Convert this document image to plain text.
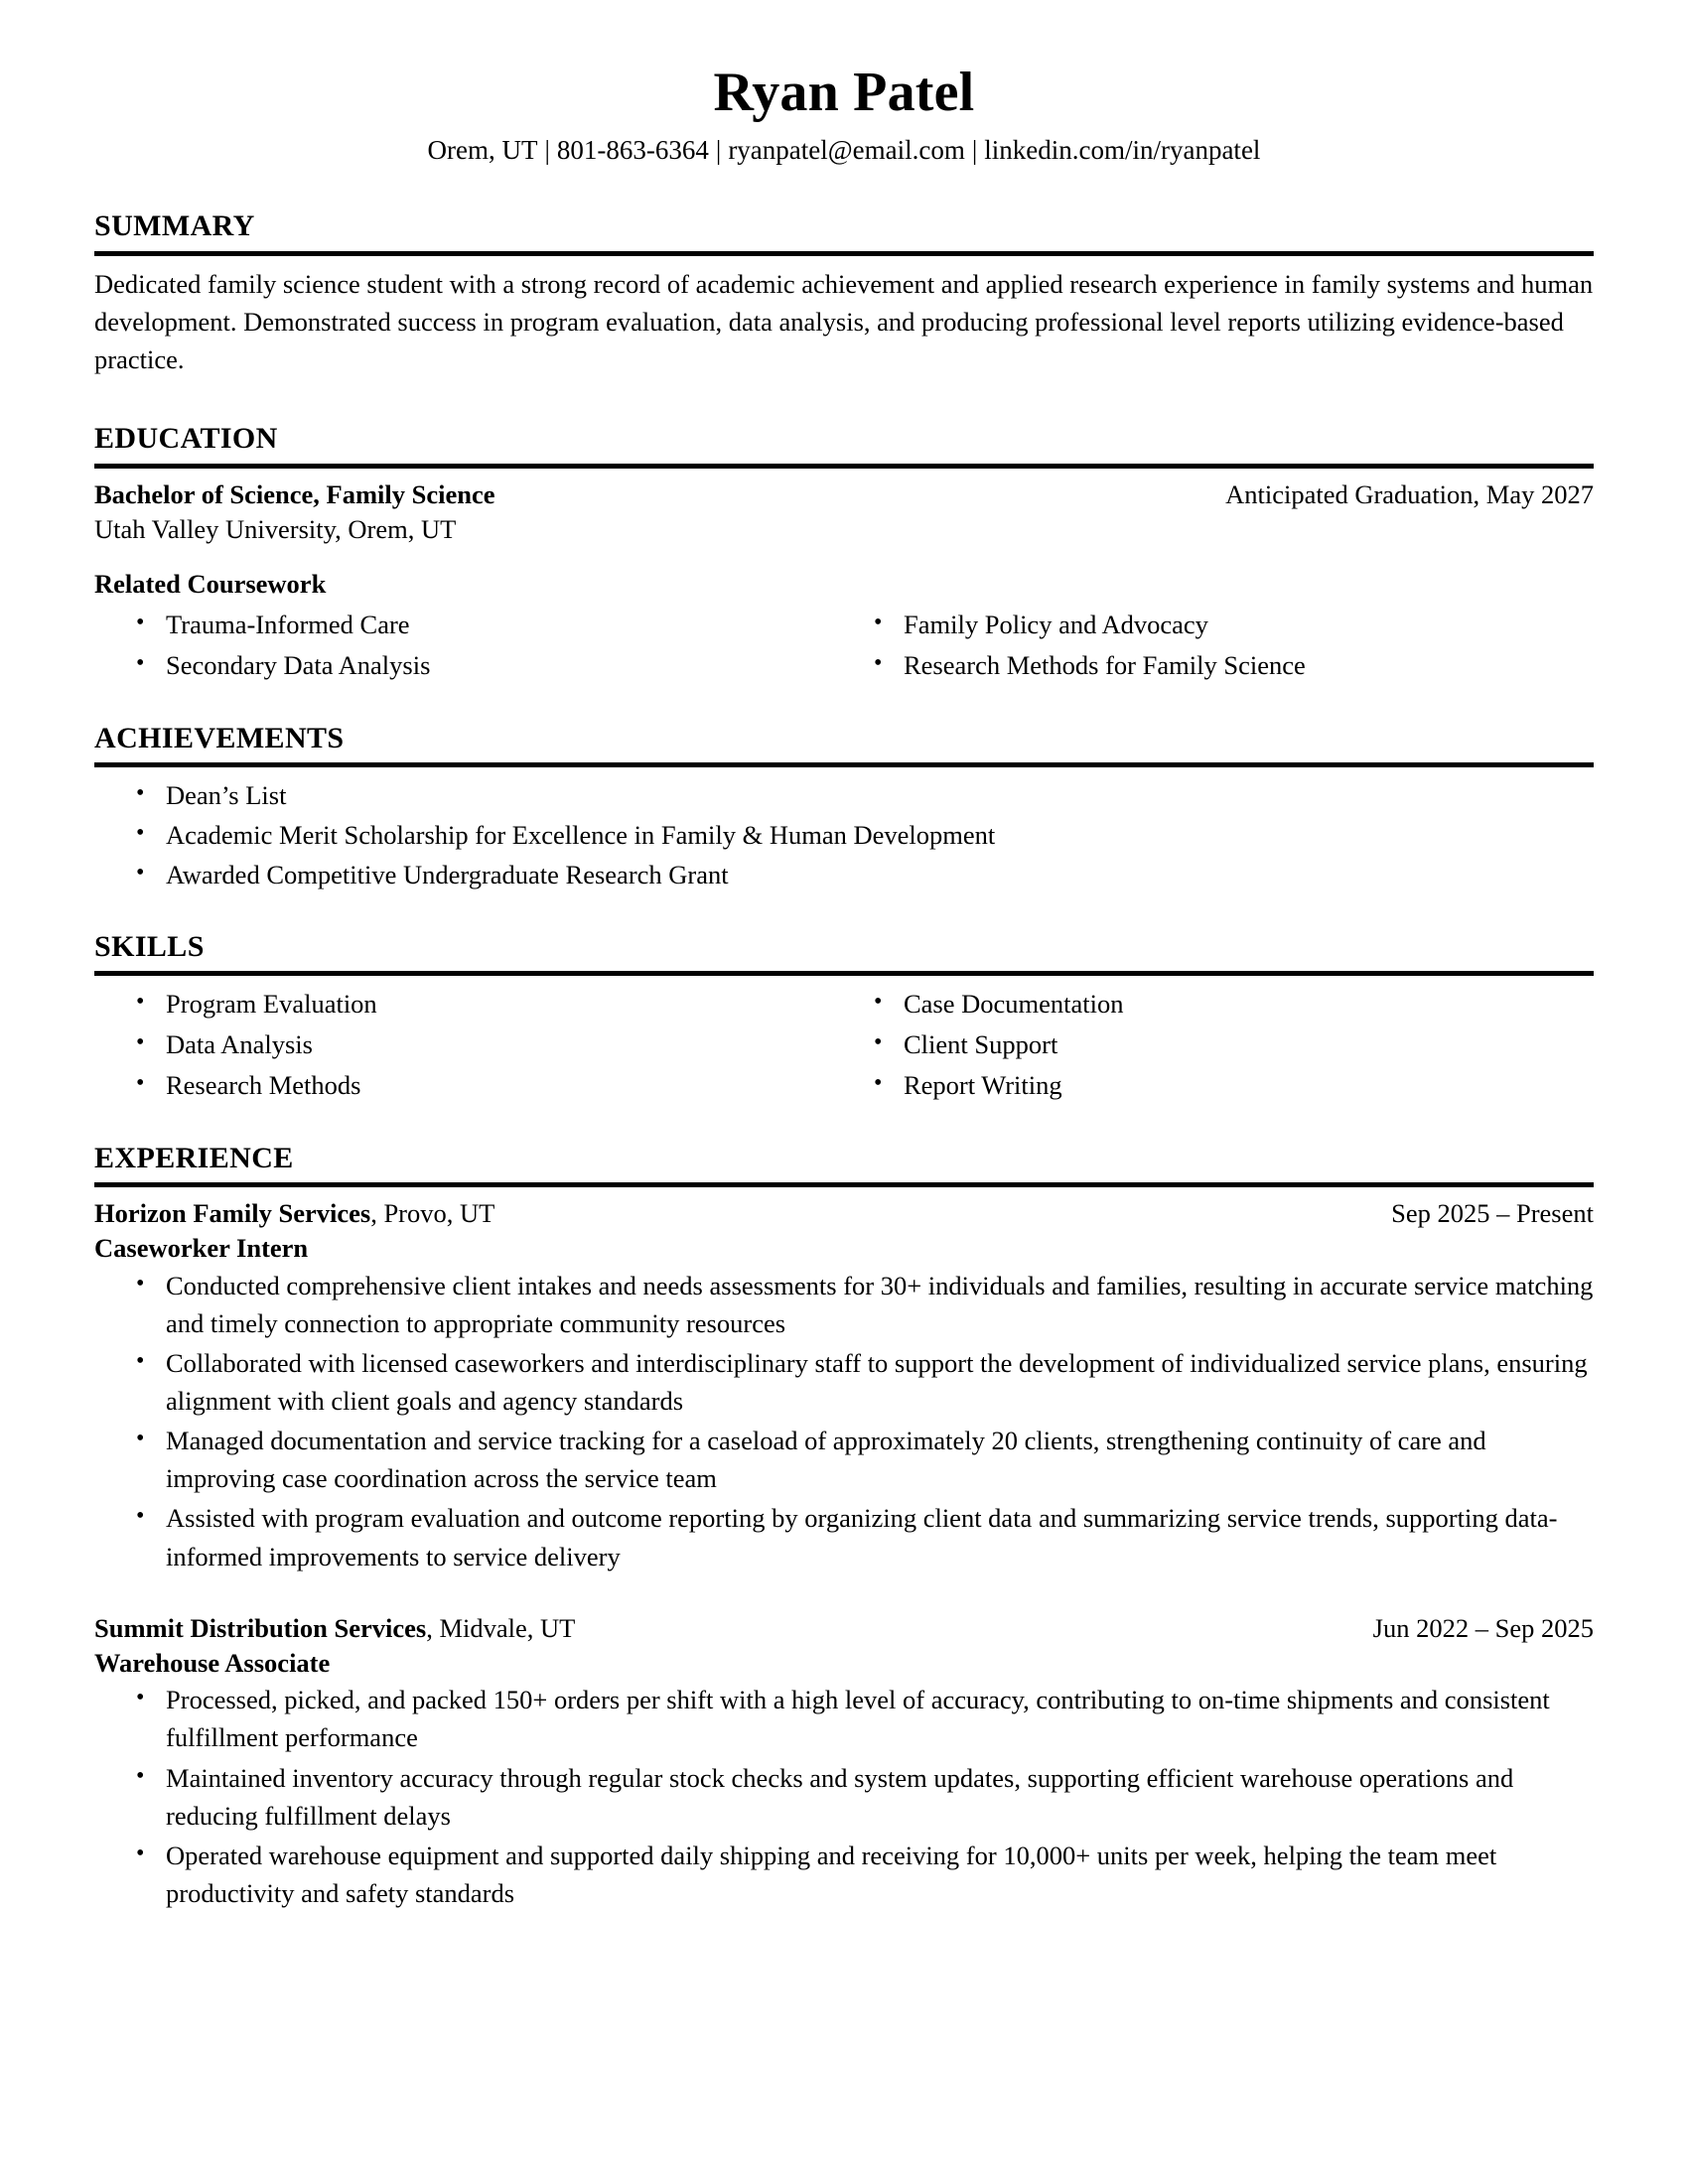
Ryan Patel
Orem, UT | 801-863-6364 | ryanpatel@email.com | linkedin.com/in/ryanpatel
SUMMARY

Dedicated family science student with a strong record of academic achievement and applied research experience in family systems and human development. Demonstrated success in program evaluation, data analysis, and producing professional level reports utilizing evidence-based practice.

EDUCATION
Bachelor of Science, Family Science	Anticipated Graduation, May 2027
Utah Valley University, Orem, UT
Related Coursework
• Trauma-Informed Care
• Secondary Data Analysis
• Family Policy and Advocacy
• Research Methods for Family Science
ACHIEVEMENTS
• Dean’s List
• Academic Merit Scholarship for Excellence in Family & Human Development
• Awarded Competitive Undergraduate Research Grant
SKILLS
• Program Evaluation
• Data Analysis
• Research Methods
• Case Documentation
• Client Support
• Report Writing
EXPERIENCE
Horizon Family Services, Provo, UT	Sep 2025 – Present
Caseworker Intern
• Conducted comprehensive client intakes and needs assessments for 30+ individuals and families, resulting in accurate service matching and timely connection to appropriate community resources
• Collaborated with licensed caseworkers and interdisciplinary staff to support the development of individualized service plans, ensuring alignment with client goals and agency standards
• Managed documentation and service tracking for a caseload of approximately 20 clients, strengthening continuity of care and improving case coordination across the service team
• Assisted with program evaluation and outcome reporting by organizing client data and summarizing service trends, supporting data-informed improvements to service delivery
Summit Distribution Services, Midvale, UT	Jun 2022 – Sep 2025
Warehouse Associate
• Processed, picked, and packed 150+ orders per shift with a high level of accuracy, contributing to on-time shipments and consistent fulfillment performance
• Maintained inventory accuracy through regular stock checks and system updates, supporting efficient warehouse operations and reducing fulfillment delays
• Operated warehouse equipment and supported daily shipping and receiving for 10,000+ units per week, helping the team meet productivity and safety standards
